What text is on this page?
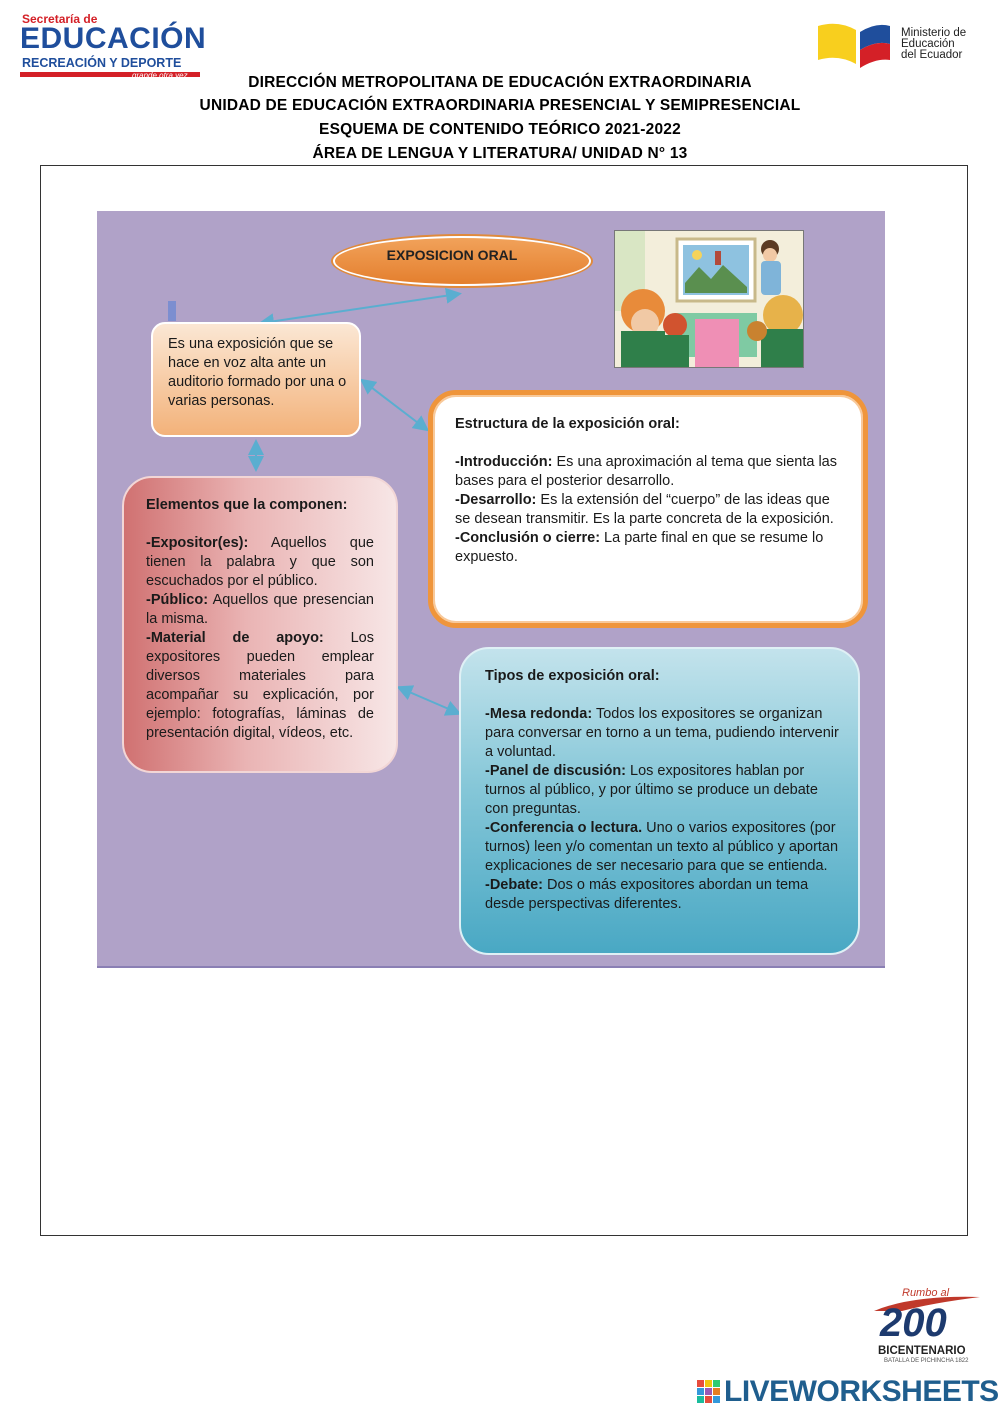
Secretaría de
EDUCACIÓN
RECREACIÓN Y DEPORTE
grande otra vez
Ministerio de
Educación
del Ecuador
DIRECCIÓN METROPOLITANA DE EDUCACIÓN EXTRAORDINARIA
UNIDAD DE EDUCACIÓN EXTRAORDINARIA PRESENCIAL Y SEMIPRESENCIAL
ESQUEMA DE CONTENIDO TEÓRICO 2021-2022
ÁREA DE LENGUA Y LITERATURA/ UNIDAD N° 13
EXPOSICION ORAL

Es una exposición que se hace en voz alta ante un auditorio formado por una o varias personas.

Estructura de la exposición oral:

-Introducción: Es una aproximación al tema que sienta las bases para el posterior desarrollo.

-Desarrollo: Es la extensión del “cuerpo” de las ideas que se desean transmitir. Es la parte concreta de la exposición.

-Conclusión o cierre: La parte final en que se resume lo expuesto.

Elementos que la componen:

-Expositor(es): Aquellos que tienen la palabra y que son escuchados por el público.

-Público: Aquellos que presencian la misma.

-Material de apoyo: Los expositores pueden emplear diversos materiales para acompañar su explicación, por ejemplo: fotografías, láminas de presentación digital, vídeos, etc.

Tipos de exposición oral:

-Mesa redonda: Todos los expositores se organizan para conversar en torno a un tema, pudiendo intervenir a voluntad.

-Panel de discusión: Los expositores hablan por turnos al público, y por último se produce un debate con preguntas.

-Conferencia o lectura. Uno o varios expositores (por turnos) leen y/o comentan un texto al público y aportan explicaciones de ser necesario para que se entienda.

-Debate: Dos o más expositores abordan un tema desde perspectivas diferentes.

Rumbo al
200
BICENTENARIO
BATALLA DE PICHINCHA 1822
LIVEWORKSHEETS
